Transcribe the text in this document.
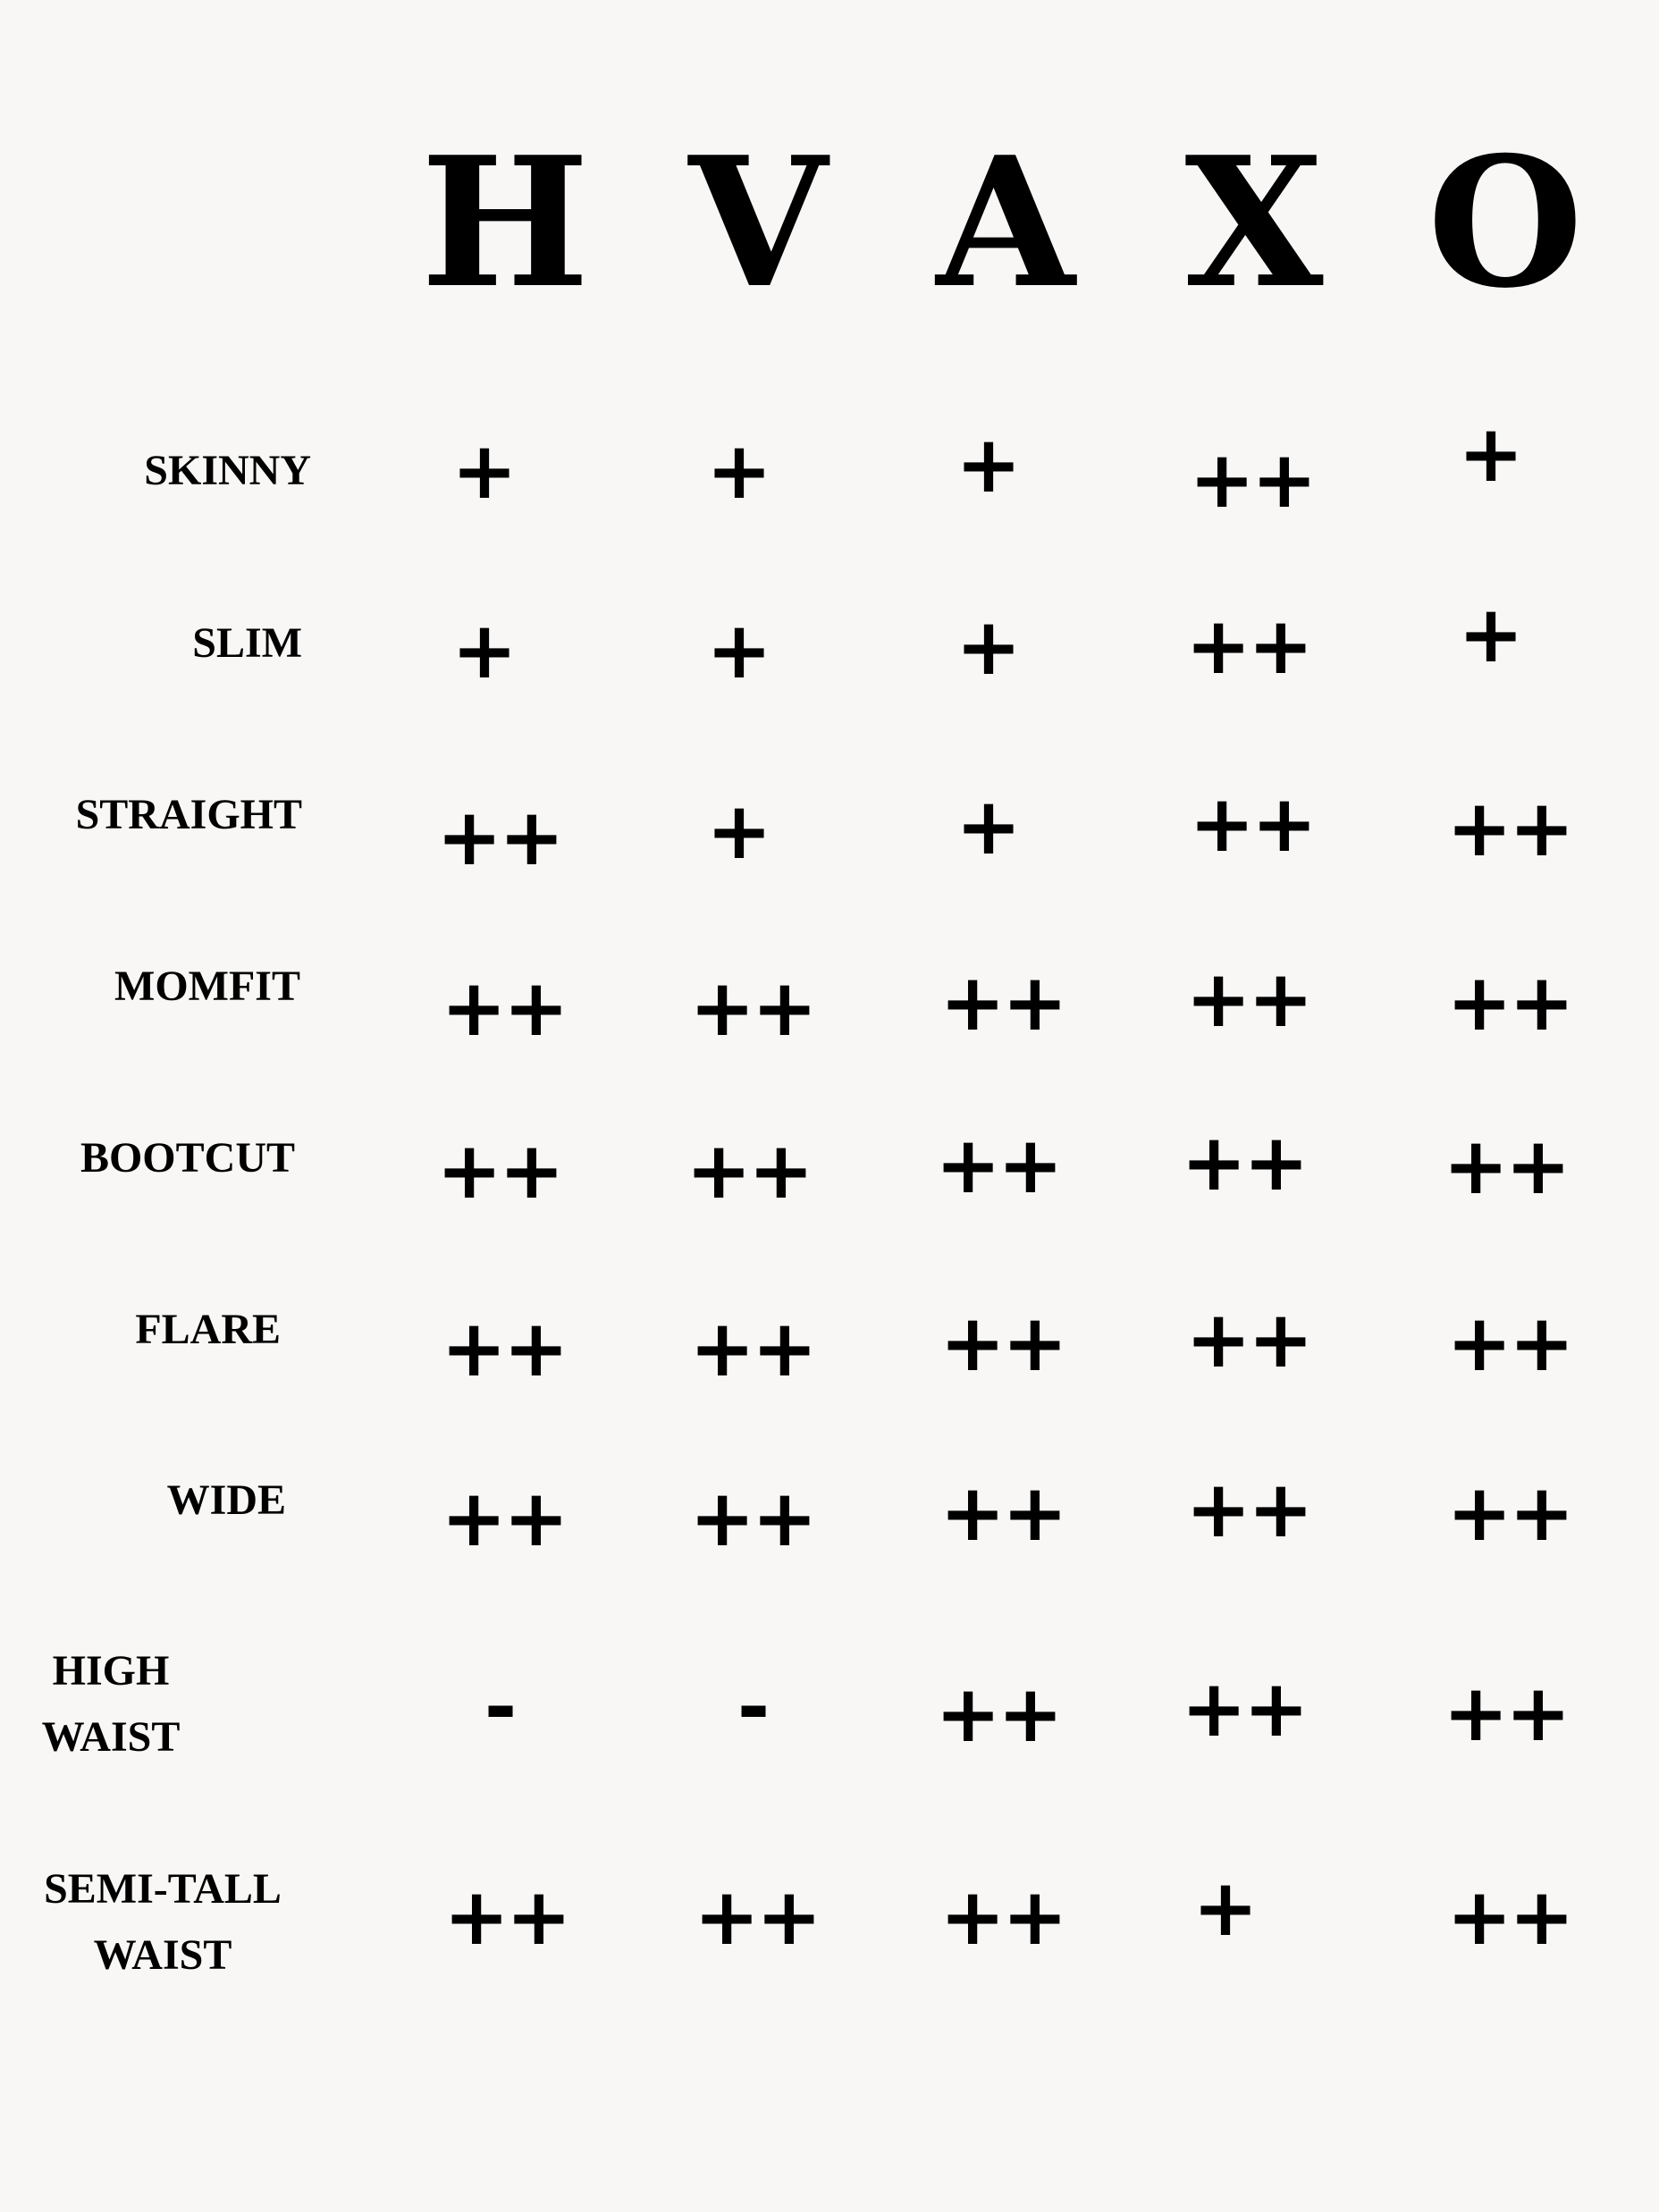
H V A X O
SKINNY	+	+	+	++	+
SLIM	+	+	+	++	+
STRAIGHT	++	+	+	++	++
MOMFIT	++	++	++	++	++
BOOTCUT	++	++	++	++	++
FLARE	++	++	++	++	++
WIDE	++	++	++	++	++
HIGH
WAIST	-	-	++	++	++
SEMI-TALL
WAIST	++	++	++	+	++
